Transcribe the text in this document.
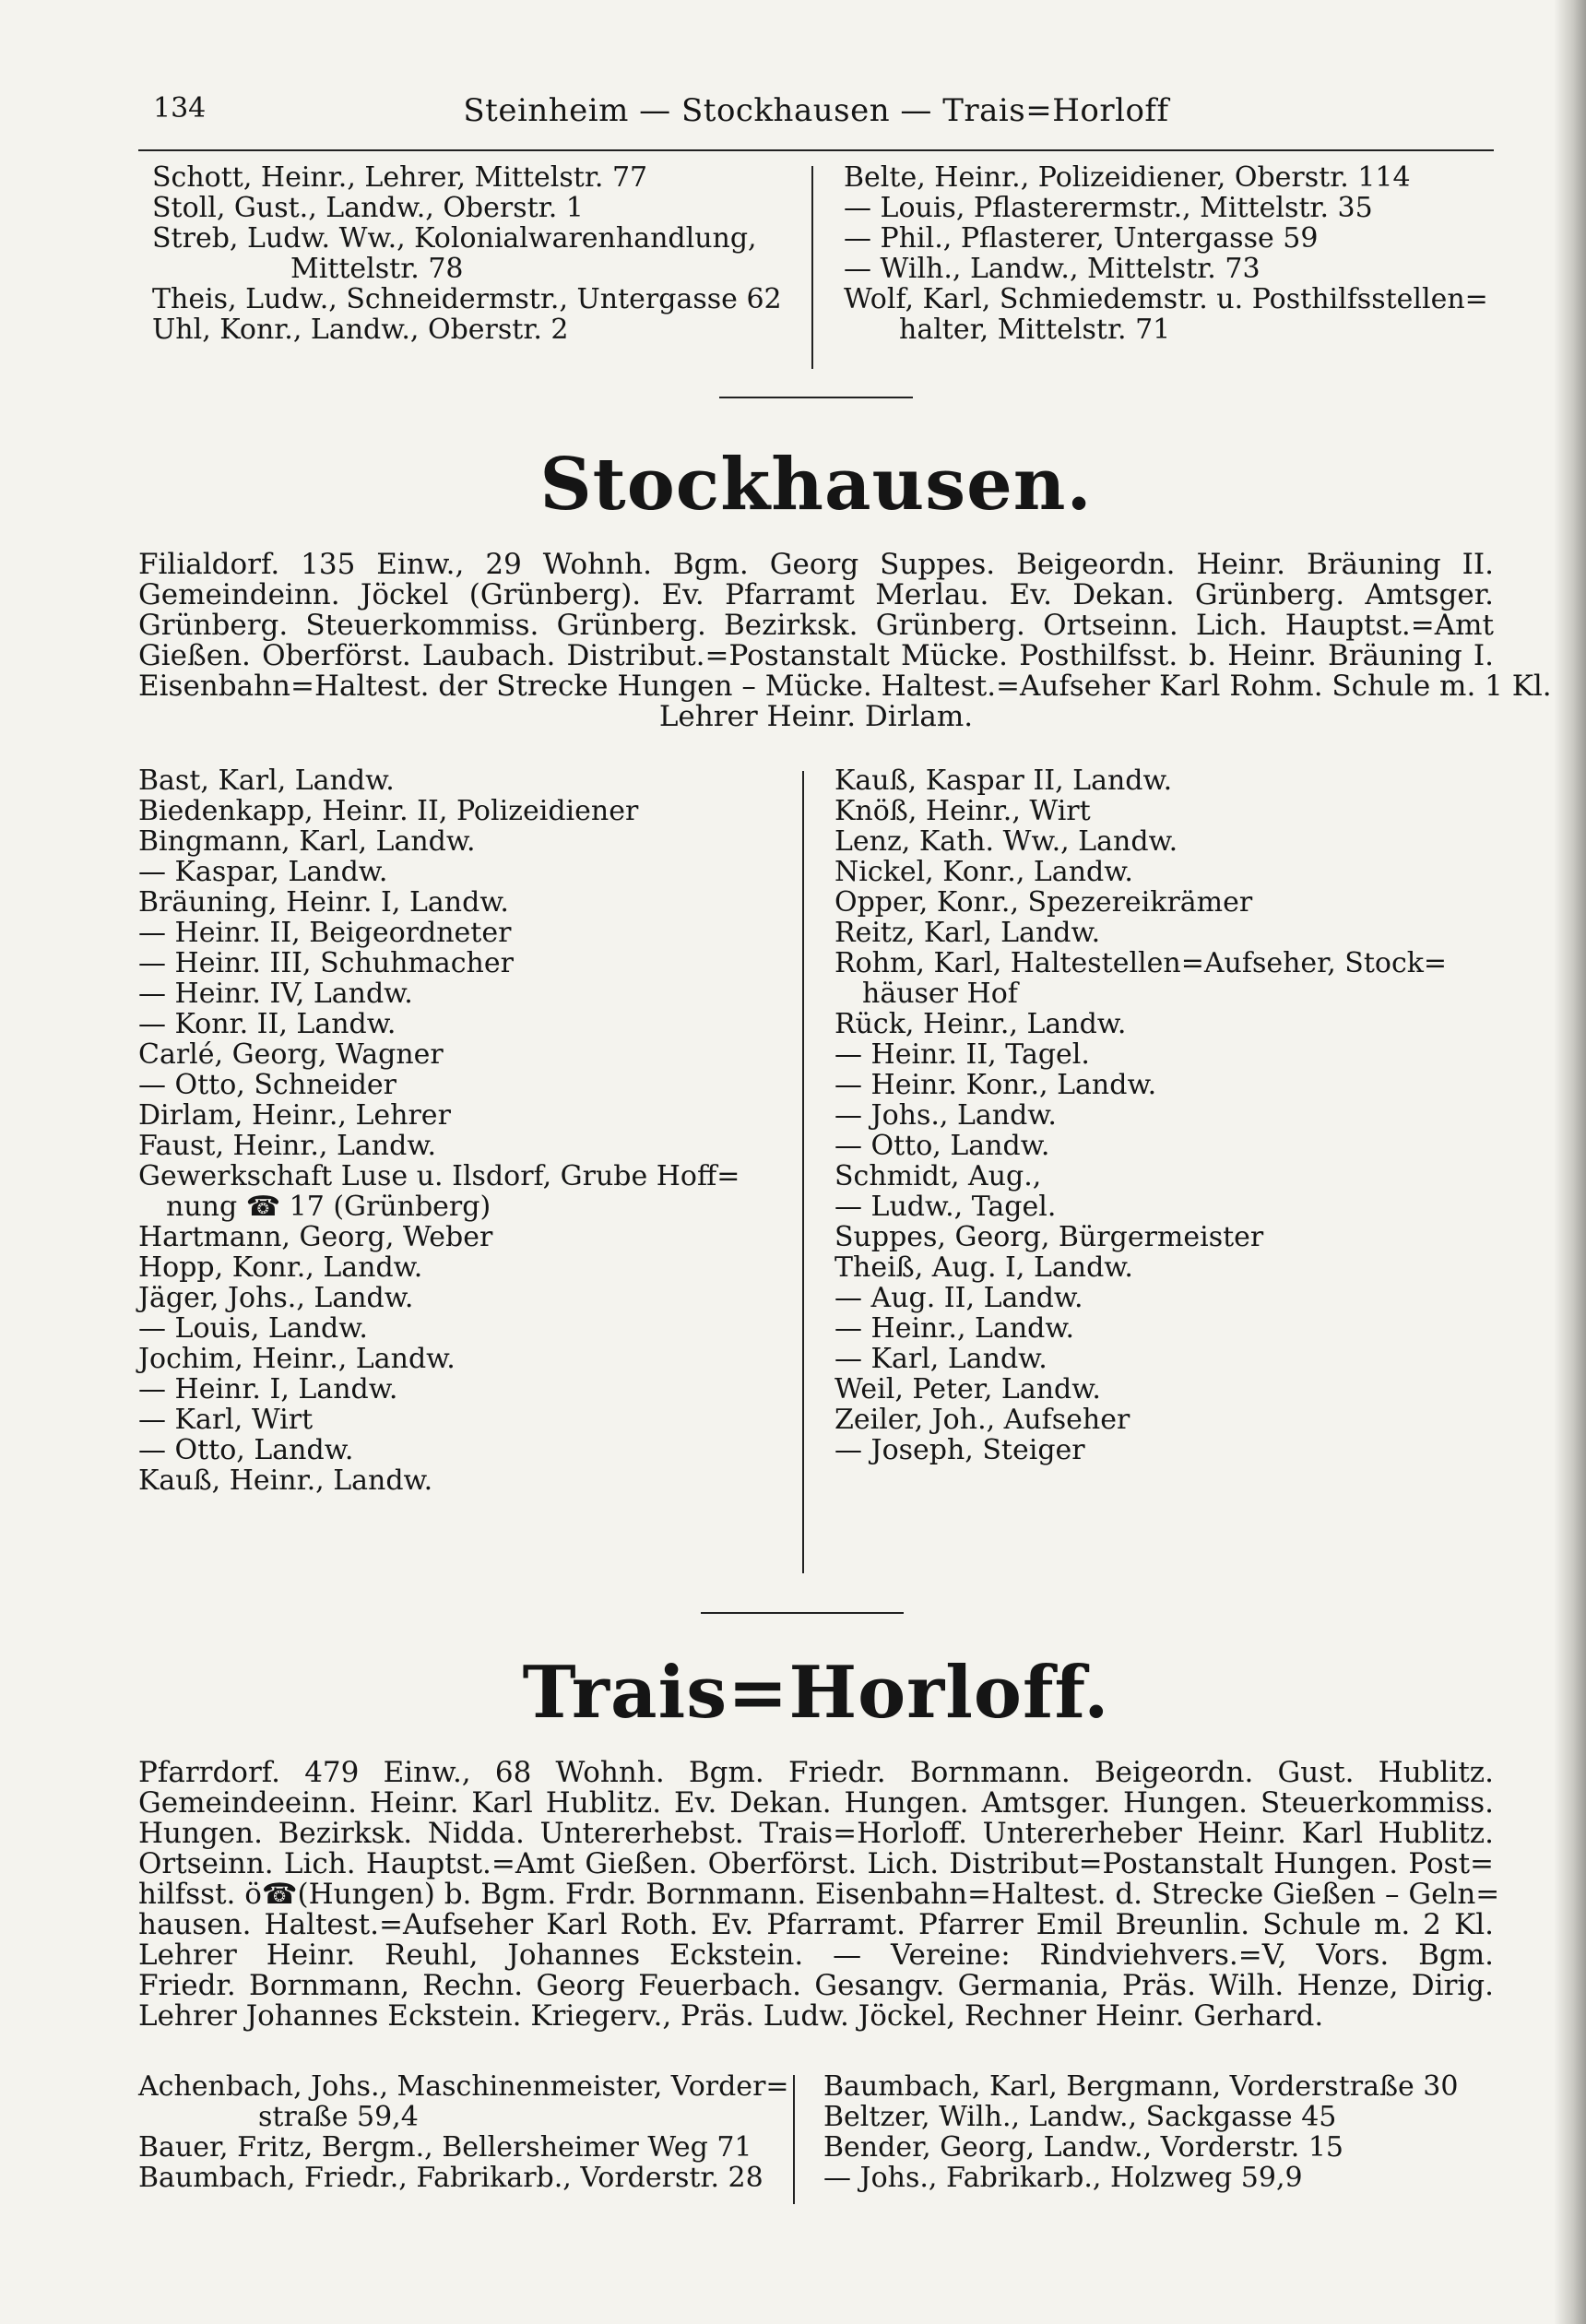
134	Steinheim — Stockhausen — Trais=Horloff

Schott, Heinr., Lehrer, Mittelstr. 77

Stoll, Gust., Landw., Oberstr. 1

Streb, Ludw. Ww., Kolonialwarenhandlung,

Mittelstr. 78

Theis, Ludw., Schneidermstr., Untergasse 62

Uhl, Konr., Landw., Oberstr. 2

Belte, Heinr., Polizeidiener, Oberstr. 114

— Louis, Pflasterermstr., Mittelstr. 35

— Phil., Pflasterer, Untergasse 59

— Wilh., Landw., Mittelstr. 73

Wolf, Karl, Schmiedemstr. u. Posthilfsstellen=

halter, Mittelstr. 71

Stockhausen.
Filialdorf. 135 Einw., 29 Wohnh. Bgm. Georg Suppes. Beigeordn. Heinr. Bräuning II.
Gemeindeinn. Jöckel (Grünberg). Ev. Pfarramt Merlau. Ev. Dekan. Grünberg. Amtsger.
Grünberg. Steuerkommiss. Grünberg. Bezirksk. Grünberg. Ortseinn. Lich. Hauptst.=Amt
Gießen. Oberförst. Laubach. Distribut.=Postanstalt Mücke. Posthilfsst. b. Heinr. Bräuning I.
Eisenbahn=Haltest. der Strecke Hungen – Mücke. Haltest.=Aufseher Karl Rohm. Schule m. 1 Kl.
Lehrer Heinr. Dirlam.

Bast, Karl, Landw.

Biedenkapp, Heinr. II, Polizeidiener

Bingmann, Karl, Landw.

— Kaspar, Landw.

Bräuning, Heinr. I, Landw.

— Heinr. II, Beigeordneter

— Heinr. III, Schuhmacher

— Heinr. IV, Landw.

— Konr. II, Landw.

Carlé, Georg, Wagner

— Otto, Schneider

Dirlam, Heinr., Lehrer

Faust, Heinr., Landw.

Gewerkschaft Luse u. Ilsdorf, Grube Hoff=

nung ☎ 17 (Grünberg)

Hartmann, Georg, Weber

Hopp, Konr., Landw.

Jäger, Johs., Landw.

— Louis, Landw.

Jochim, Heinr., Landw.

— Heinr. I, Landw.

— Karl, Wirt

— Otto, Landw.

Kauß, Heinr., Landw.

Kauß, Kaspar II, Landw.

Knöß, Heinr., Wirt

Lenz, Kath. Ww., Landw.

Nickel, Konr., Landw.

Opper, Konr., Spezereikrämer

Reitz, Karl, Landw.

Rohm, Karl, Haltestellen=Aufseher, Stock=

häuser Hof

Rück, Heinr., Landw.

— Heinr. II, Tagel.

— Heinr. Konr., Landw.

— Johs., Landw.

— Otto, Landw.

Schmidt, Aug.,

— Ludw., Tagel.

Suppes, Georg, Bürgermeister

Theiß, Aug. I, Landw.

— Aug. II, Landw.

— Heinr., Landw.

— Karl, Landw.

Weil, Peter, Landw.

Zeiler, Joh., Aufseher

— Joseph, Steiger

Trais=Horloff.
Pfarrdorf. 479 Einw., 68 Wohnh. Bgm. Friedr. Bornmann. Beigeordn. Gust. Hublitz.
Gemeindeeinn. Heinr. Karl Hublitz. Ev. Dekan. Hungen. Amtsger. Hungen. Steuerkommiss.
Hungen. Bezirksk. Nidda. Untererhebst. Trais=Horloff. Untererheber Heinr. Karl Hublitz.
Ortseinn. Lich. Hauptst.=Amt Gießen. Oberförst. Lich. Distribut=Postanstalt Hungen. Post=
hilfsst. ö☎(Hungen) b. Bgm. Frdr. Bornmann. Eisenbahn=Haltest. d. Strecke Gießen – Geln=
hausen. Haltest.=Aufseher Karl Roth. Ev. Pfarramt. Pfarrer Emil Breunlin. Schule m. 2 Kl.
Lehrer Heinr. Reuhl, Johannes Eckstein. — Vereine: Rindviehvers.=V, Vors. Bgm.
Friedr. Bornmann, Rechn. Georg Feuerbach. Gesangv. Germania, Präs. Wilh. Henze, Dirig.
Lehrer Johannes Eckstein. Kriegerv., Präs. Ludw. Jöckel, Rechner Heinr. Gerhard.

Achenbach, Johs., Maschinenmeister, Vorder=

straße 59,4

Bauer, Fritz, Bergm., Bellersheimer Weg 71

Baumbach, Friedr., Fabrikarb., Vorderstr. 28

Baumbach, Karl, Bergmann, Vorderstraße 30

Beltzer, Wilh., Landw., Sackgasse 45

Bender, Georg, Landw., Vorderstr. 15

— Johs., Fabrikarb., Holzweg 59,9
